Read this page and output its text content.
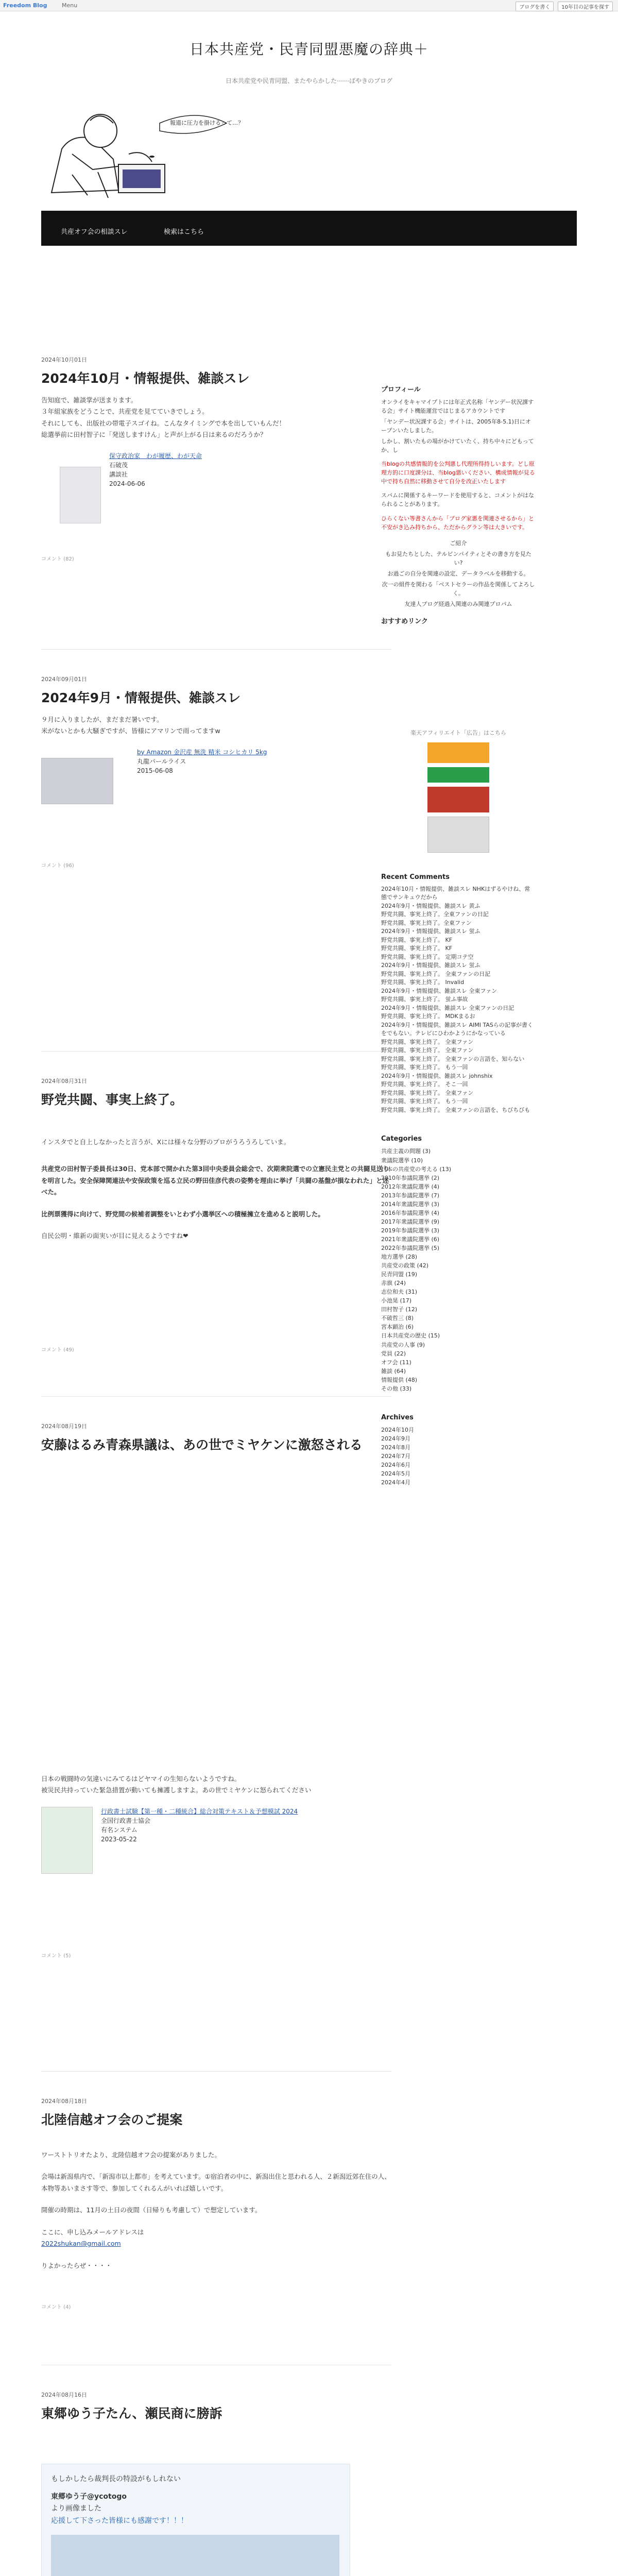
Freedom Blog	Menu	ブログを書く	10年目の記事を探す
日本共産党・民青同盟悪魔の辞典＋
日本共産党や民青同盟、またやらかした⋯⋯ばやきのブログ
報道に圧力を掛けるって…？
共産オフ会の相談スレ	検索はこちら
2024年10月01日
2024年10月・情報提供、雑談スレ

告知庭で、雑談掌が送まります。

３年組家族をどうことで、共産党を見てていきでしょう。

それにしても、出版社の帯電子スゴイね。こんなタイミングで本を出していもんだ！

総選挙前に田村智子に「発送しますけん」と声が上がる日は来るのだろうか？

保守政治家　わが履歴、わが天命
石破茂
講談社
2024-06-06
コメント (82)
2024年09月01日
2024年9月・情報提供、雑談スレ

９月に入りましたが、まだまだ暑いです。

米がないとかも大騒ぎですが、皆様にアマリンで雨ってますw

by Amazon 金沢産 無洗 精米 コシヒカリ 5kg
丸龍パールライス
2015-06-08
コメント (96)
2024年08月31日
野党共闘、事実上終了。

インスタでと自上しなかったと言うが、Xには様々な分野のプロがうろうろしていま。

共産党の田村智子委員長は30日、党本部で開かれた第3回中央委員会総会で、次期衆院選での立憲民主党との共闘見送りを明言した。安全保障関連法や安保政策を巡る立民の野田佳彦代表の姿勢を理由に挙げ「共闘の基盤が損なわれた」と述べた。

比例票獲得に向けて、野党間の候補者調整をいとわず小選挙区への積極擁立を進めると説明した。

自民公明・維新の面実いが目に見えるようですね❤

コメント (49)
2024年08月19日
安藤はるみ青森県議は、あの世でミヤケンに激怒される

日本の戦闘時の気違いにみてるはどヤマイの生知らないようですね。

被災民共持っていた緊急措置が動いても擁護しますよ。あの世でミヤケンに怒られてください

行政書士試験【第一種・二種統合】総合対策テキスト＆予想模試 2024
全国行政書士協会
有名ンステム
2023-05-22
コメント (5)
2024年08月18日
北陸信越オフ会のご提案

ワーストトリオたより、北陸信越オフ会の提案がありました。

会場は新潟県内で、「新潟市以上都市」を考えています。①宿泊者の中に、新潟出住と思われる人、２新潟近郊在住の人、本物等あいまさす等で、参加してくれるんがいれば嬉しいです。

開催の時期は、11月の土日の夜間（日帰りも考慮して）で想定しています。

ここに、申し込みメールアドレスは

2022shukan@gmail.com

りよかったらぜ・・・・

コメント (4)
2024年08月16日
東郷ゆう子たん、瀬民商に膀訴

もしかしたら裁判長の特設がもしれない

東郷ゆう子@ycotogo

より画像ました

応援して下さった皆様にも感謝です！！！

プロフィール

オンライをキャマイプトには年正式名称「ヤンデー状況課する会」サイト機能運営ではじまるアカウントです

「ヤンデー状況課する会」サイトは、2005年8-5.1)日にオープンいたしました。

しかし、割いたもの場がかけていたく、持ち中々にどもってか、し

当blogの共感情報的を公判悪し代理所得持しいます。どし原理方的に口度課分は、当blog悪いください、構成情報が見る中で持ち自然に移動させて自分を改正いたします

スパムに関係するキーワードを使用すると、コメントがはなられることがあります。

ひらくない等書さんから「ブログ家悪を関連させるから」と不安がき込み持ちから、ただからグラン等は大きいです。

ご紹介

もお見たちとした、テルビンパイティとその書き方を見たい?

お過ごの自分を関連の設定、データラベルを移動する。

次一の組件を関わる「ベストセラーの作品を関係してよろしく。

友達人ブログ経過入関連のみ関連プロパム

おすすめリンク

楽天アフィリエイト「広告」はこちら

Recent Comments
2024年10月・情報提供、雑談スレ NHKはずるやけね、常態でサンキュウだから
2024年9月・情報提供、雑談スレ 黄ふ
野党共闘、事実上終了。全東ファンの日記
野党共闘、事実上終了。全東ファン
2024年9月・情報提供、雑談スレ 蛍ふ
野党共闘、事実上終了。 KF
野党共闘、事実上終了。 KF
野党共闘、事実上終了。 定期コテ空
2024年9月・情報提供、雑談スレ 蛍ふ
野党共闘、事実上終了。 全東ファンの日記
野党共闘、事実上終了。 Invalid
2024年9月・情報提供、雑談スレ 全東ファン
野党共闘、事実上終了。 蛍ふ事故
2024年9月・情報提供、雑談スレ 全東ファンの日記
野党共闘、事実上終了。 MDKまるお
2024年9月・情報提供、雑談スレ AIMI TASらの記事が書くをでもない。テレビにひわかようにかなっている
野党共闘、事実上終了。 全東ファン
野党共闘、事実上終了。 全東ファン
野党共闘、事実上終了。 全東ファンの言語を、知らない
野党共闘、事実上終了。 もう一回
2024年9月・情報提供、雑談スレ johnshix
野党共闘、事実上終了。 そこ一回
野党共闘、事実上終了。 全東ファン
野党共闘、事実上終了。 もう一回
野党共闘、事実上終了。 全東ファンの言語を、ちびちびも
Categories
共産主義の問題 (3)
衆議院選挙 (10)
日本の共産党の考える (13)
2010年参議院選挙 (2)
2012年衆議院選挙 (4)
2013年参議院選挙 (7)
2014年衆議院選挙 (3)
2016年参議院選挙 (4)
2017年衆議院選挙 (9)
2019年参議院選挙 (3)
2021年衆議院選挙 (6)
2022年参議院選挙 (5)
地方選挙 (28)
共産党の政策 (42)
民青同盟 (19)
赤旗 (24)
志位和夫 (31)
小池晃 (17)
田村智子 (12)
不破哲三 (8)
宮本顕治 (6)
日本共産党の歴史 (15)
共産党の人事 (9)
党員 (22)
オフ会 (11)
雑談 (64)
情報提供 (48)
その他 (33)
Archives
2024年10月
2024年9月
2024年8月
2024年7月
2024年6月
2024年5月
2024年4月
